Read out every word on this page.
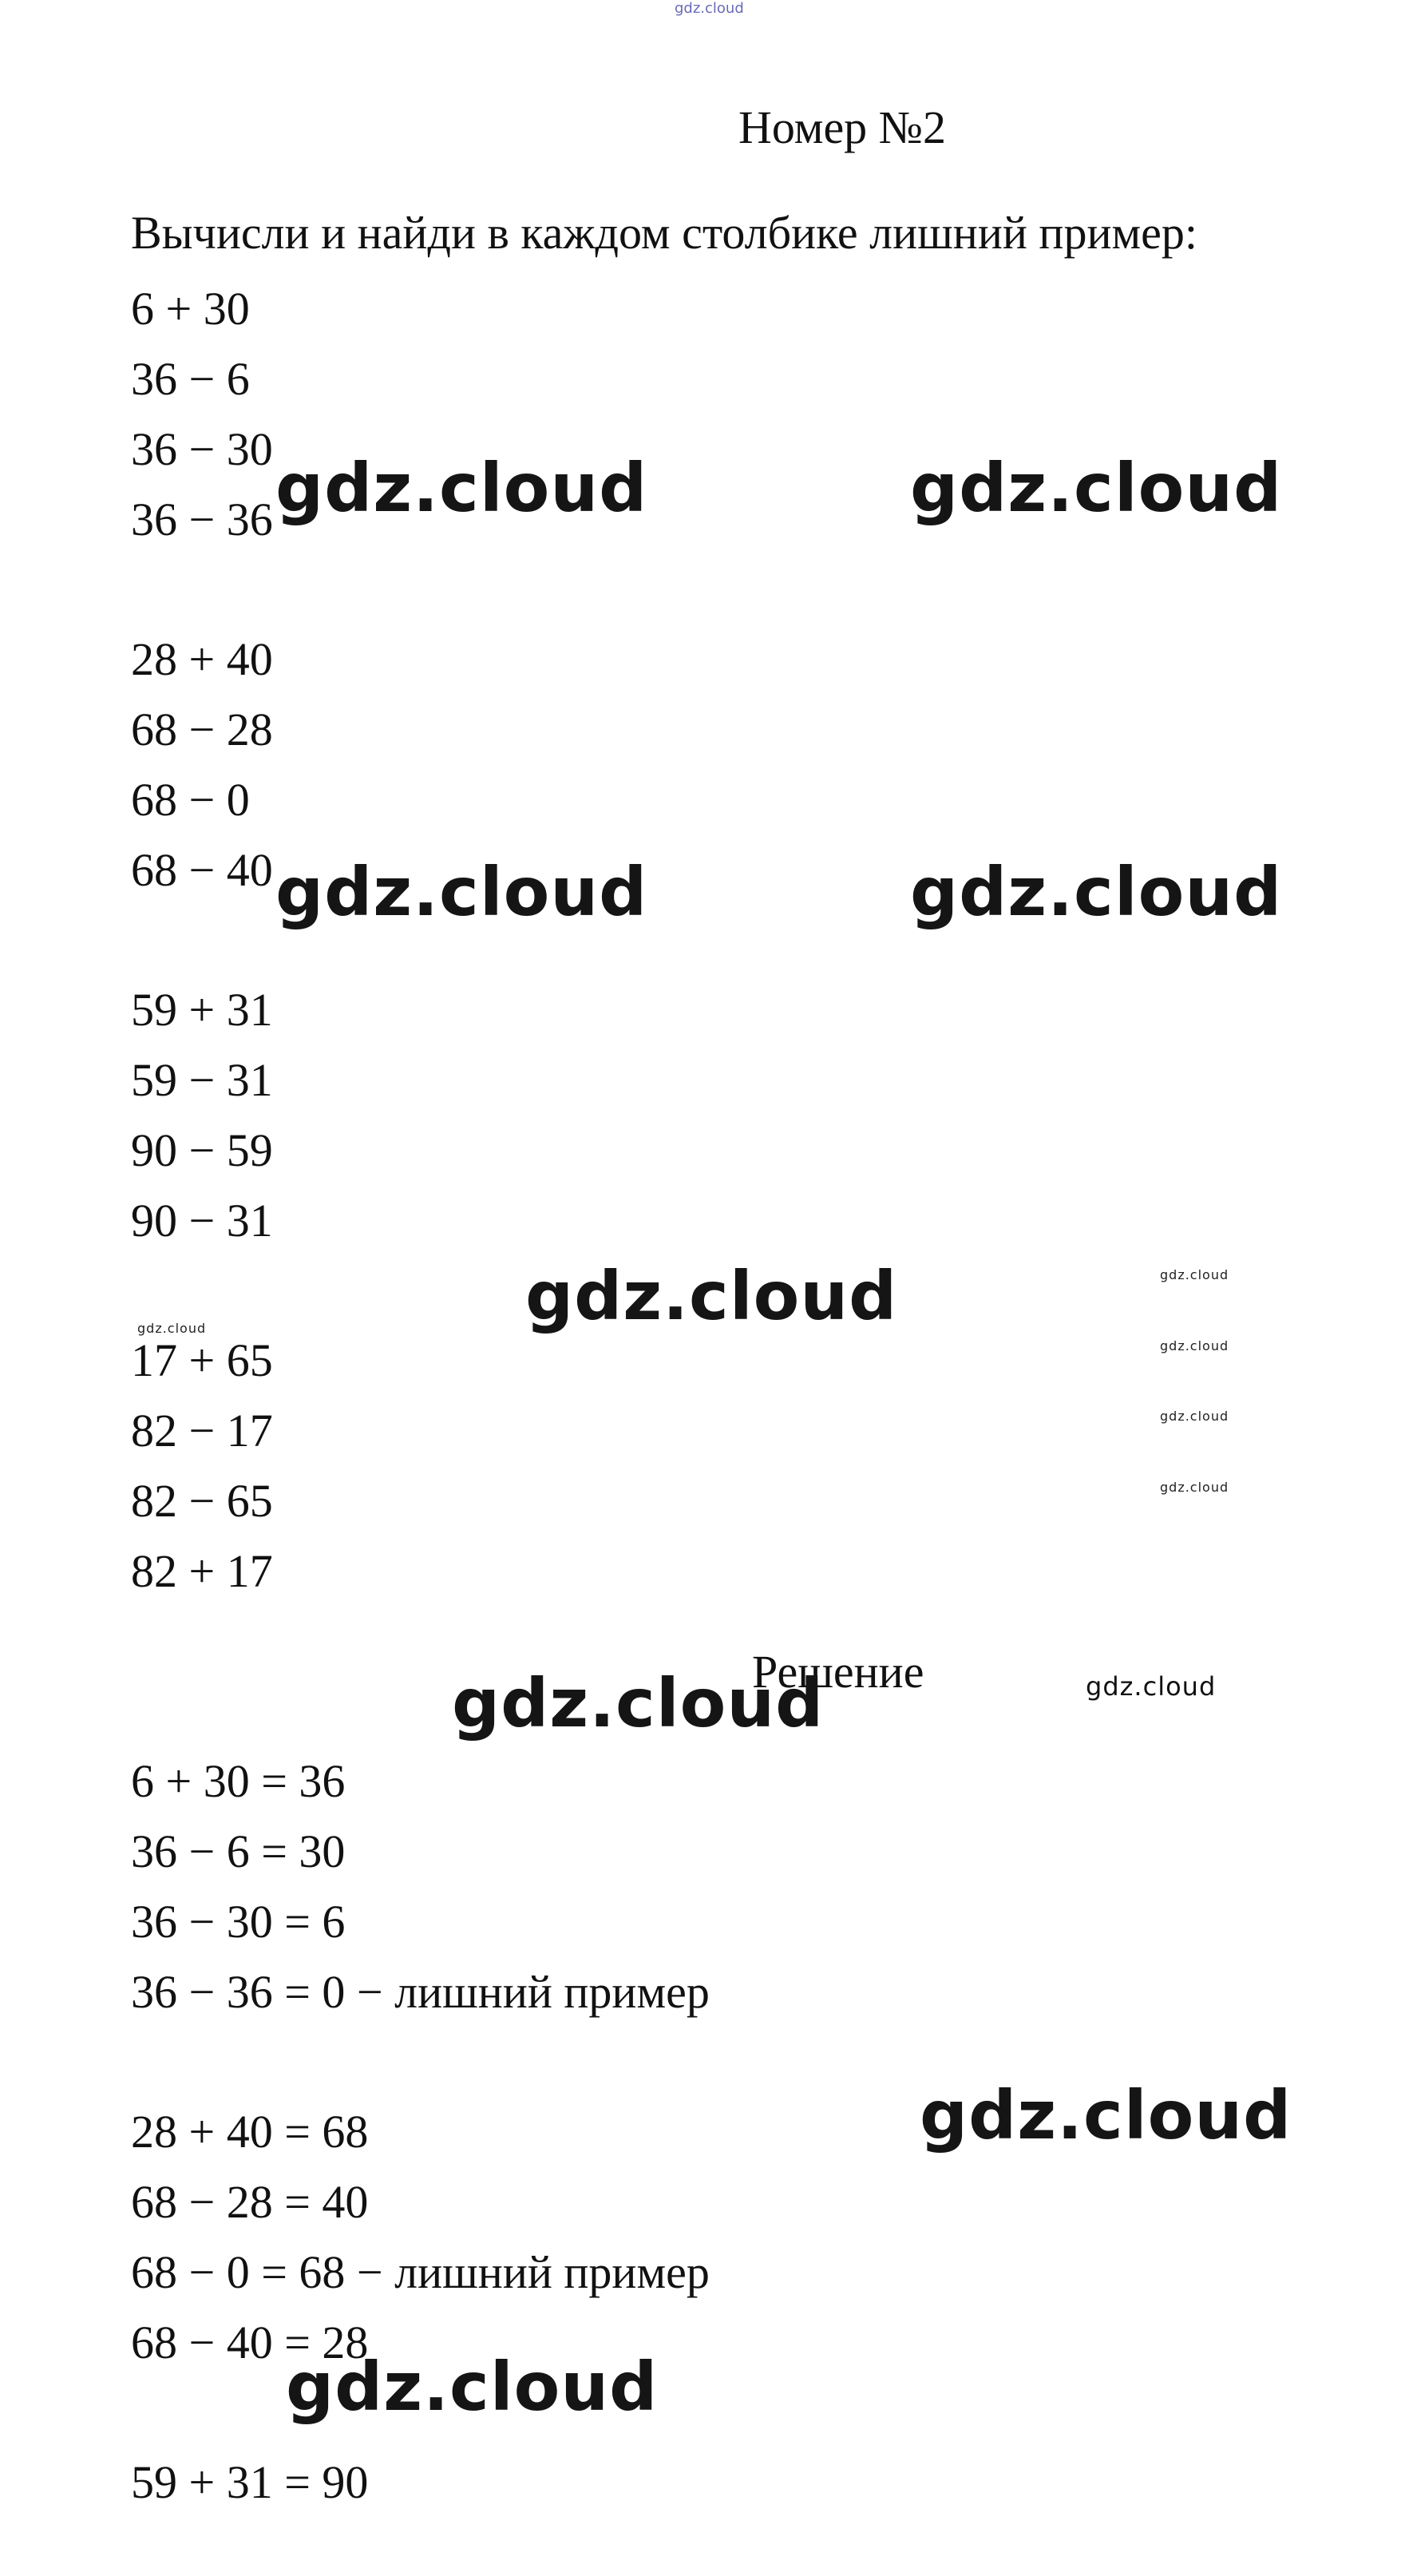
gdz.cloud
Номер №2
Вычисли и найди в каждом столбике лишний пример:
6 + 30
36 − 6
36 − 30
36 − 36
28 + 40
68 − 28
68 − 0
68 − 40
59 + 31
59 − 31
90 − 59
90 − 31
17 + 65
82 − 17
82 − 65
82 + 17
Решение
6 + 30 = 36
36 − 6 = 30
36 − 30 = 6
36 − 36 = 0 − лишний пример
28 + 40 = 68
68 − 28 = 40
68 − 0 = 68 − лишний пример
68 − 40 = 28
59 + 31 = 90
gdz.cloud	gdz.cloud
gdz.cloud	gdz.cloud
gdz.cloud
gdz.cloud
gdz.cloud
gdz.cloud
gdz.cloud
gdz.cloud
gdz.cloud
gdz.cloud
gdz.cloud
gdz.cloud
